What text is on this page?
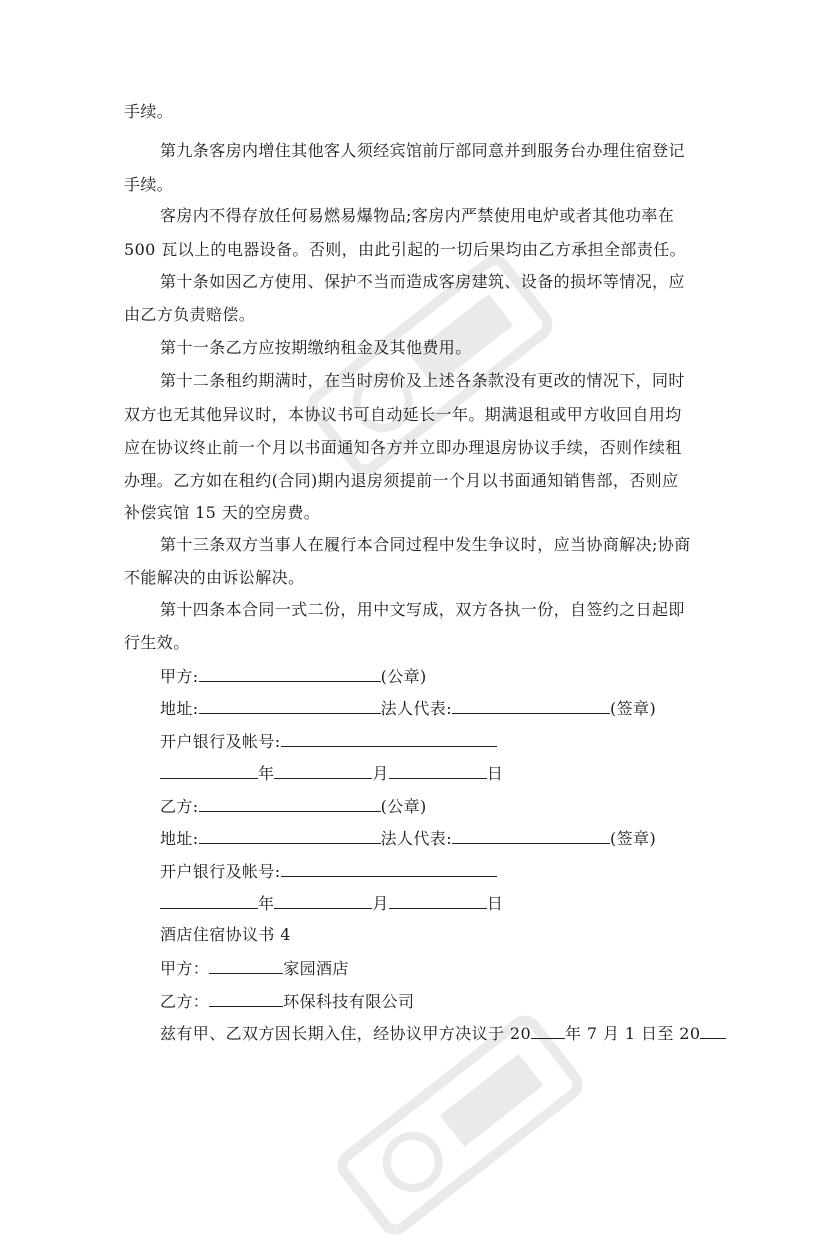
手续。
第九条客房内增住其他客人须经宾馆前厅部同意并到服务台办理住宿登记
手续。
客房内不得存放任何易燃易爆物品;客房内严禁使用电炉或者其他功率在
500 瓦以上的电器设备。否则，由此引起的一切后果均由乙方承担全部责任。
第十条如因乙方使用、保护不当而造成客房建筑、设备的损坏等情况，应
由乙方负责赔偿。
第十一条乙方应按期缴纳租金及其他费用。
第十二条租约期满时，在当时房价及上述各条款没有更改的情况下，同时
双方也无其他异议时，本协议书可自动延长一年。期满退租或甲方收回自用均
应在协议终止前一个月以书面通知各方并立即办理退房协议手续，否则作续租
办理。乙方如在租约(合同)期内退房须提前一个月以书面通知销售部，否则应
补偿宾馆 15 天的空房费。
第十三条双方当事人在履行本合同过程中发生争议时，应当协商解决;协商
不能解决的由诉讼解决。
第十四条本合同一式二份，用中文写成，双方各执一份，自签约之日起即
行生效。
甲方:	(公章)
地址:	法人代表:	(签章)
开户银行及帐号:
年	月	日
乙方:	(公章)
地址:	法人代表:	(签章)
开户银行及帐号:
年	月	日
酒店住宿协议书 4
甲方：	家园酒店
乙方：	环保科技有限公司
兹有甲、乙双方因长期入住，经协议甲方决议于 20 年 7 月 1 日至 20
